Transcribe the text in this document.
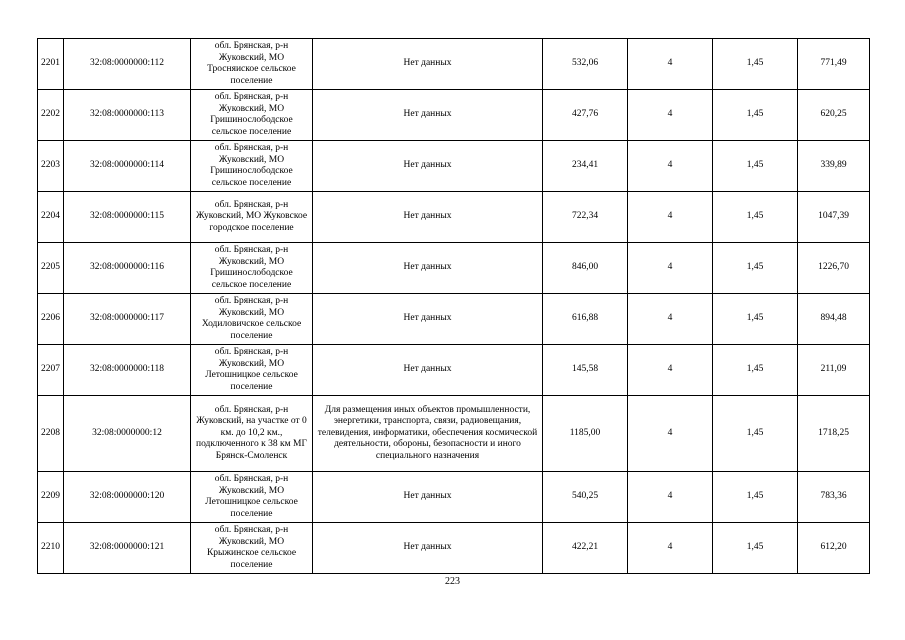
2201	32:08:0000000:112	обл. Брянская, р-н Жуковский, МО Тросняиское сельское поселение	Нет данных	532,06	4	1,45	771,49
2202	32:08:0000000:113	обл. Брянская, р-н Жуковский, МО Гришинослободское сельское поселение	Нет данных	427,76	4	1,45	620,25
2203	32:08:0000000:114	обл. Брянская, р-н Жуковский, МО Гришинослободское сельское поселение	Нет данных	234,41	4	1,45	339,89
2204	32:08:0000000:115	обл. Брянская, р-н Жуковский, МО Жуковское городское поселение	Нет данных	722,34	4	1,45	1047,39
2205	32:08:0000000:116	обл. Брянская, р-н Жуковский, МО Гришинослободское сельское поселение	Нет данных	846,00	4	1,45	1226,70
2206	32:08:0000000:117	обл. Брянская, р-н Жуковский, МО Ходиловичское сельское поселение	Нет данных	616,88	4	1,45	894,48
2207	32:08:0000000:118	обл. Брянская, р-н Жуковский, МО Летошницкое сельское поселение	Нет данных	145,58	4	1,45	211,09
2208	32:08:0000000:12	обл. Брянская, р-н Жуковский, на участке от 0 км. до 10,2 км., подключенного к 38 км МГ Брянск-Смоленск	Для размещения иных объектов промышленности, энергетики, транспорта, связи, радиовещания, телевидения, информатики, обеспечения космической деятельности, обороны, безопасности и иного специального назначения	1185,00	4	1,45	1718,25
2209	32:08:0000000:120	обл. Брянская, р-н Жуковский, МО Летошницкое сельское поселение	Нет данных	540,25	4	1,45	783,36
2210	32:08:0000000:121	обл. Брянская, р-н Жуковский, МО Крыжинское сельское поселение	Нет данных	422,21	4	1,45	612,20
223
